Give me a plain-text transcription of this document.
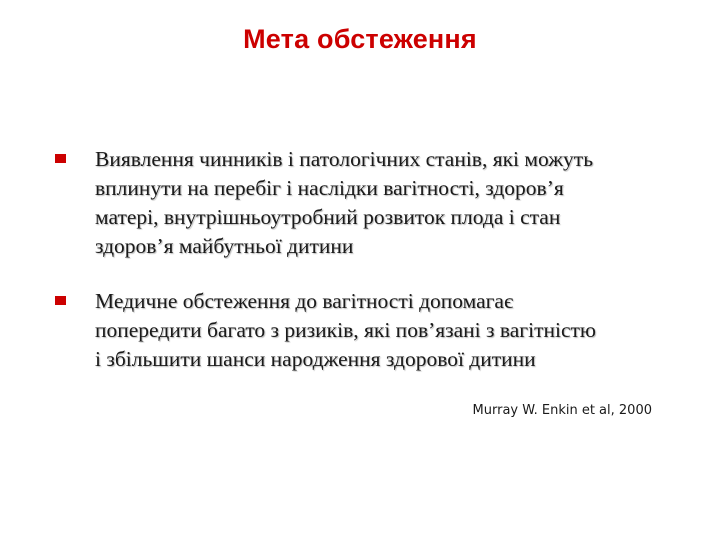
Мета обстеження
Виявлення чинників і патологічних станів, які можуть
вплинути на перебіг і наслідки вагітності, здоров’я
матері, внутрішньоутробний розвиток плода і стан
здоров’я майбутньої дитини
Медичне обстеження до вагітності допомагає
попередити багато з ризиків, які пов’язані з вагітністю
і збільшити шанси народження здорової дитини
Murray W. Enkin et al, 2000
